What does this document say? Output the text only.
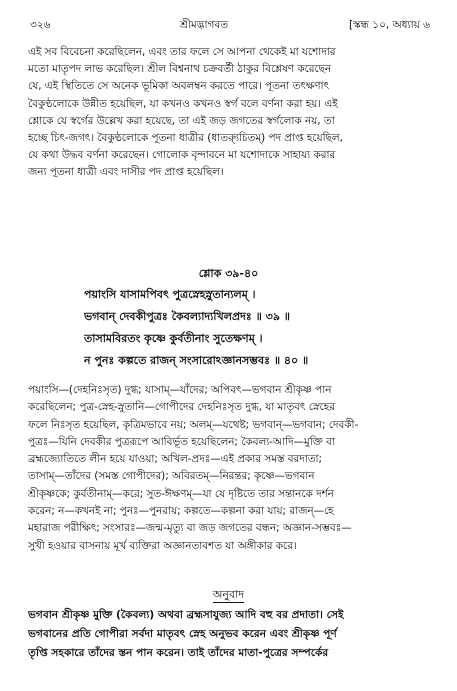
৩২৬	শ্রীমদ্ভাগবত	[স্কন্ধ ১০, অধ্যায় ৬
এই সব বিবেচনা করেছিলেন, এবং তার ফলে সে আপনা থেকেই মা যশোদার
মতো মাতৃপদ লাভ করেছিল। শ্রীল বিশ্বনাথ চক্রবর্তী ঠাকুর বিশ্লেষণ করেছেন
যে, এই স্থিতিতে সে অনেক ভূমিকা অবলম্বন করতে পারে। পূতনা তৎক্ষণাৎ
বৈকুণ্ঠলোকে উন্নীত হয়েছিল, যা কখনও কখনও স্বর্গ বলে বর্ণনা করা হয়। এই
শ্লোকে যে স্বর্গের উল্লেখ করা হয়েছে, তা এই জড় জগতের স্বর্গলোক নয়, তা
হচ্ছে চিৎ-জগৎ। বৈকুণ্ঠলোকে পূতনা ধাত্রীর (ধাত্র্যুচিতম্) পদ প্রাপ্ত হয়েছিল,
যে কথা উদ্ধব বর্ণনা করেছেন। গোলোক বৃন্দাবনে মা যশোদাকে সাহায্য করার
জন্য পূতনা ধাত্রী এবং দাসীর পদ প্রাপ্ত হয়েছিল।
শ্লোক ৩৯-৪০
পয়াংসি যাসামপিবৎ পুত্রস্নেহস্নুতান্যলম্ ।
ভগবান্ দেবকীপুত্রঃ কৈবল্যাদ্যখিলপ্রদঃ ॥ ৩৯ ॥
তাসামবিরতং কৃষ্ণে কুর্বতীনাং সুতেক্ষণম্ ।
ন পুনঃ কল্পতে রাজন্ সংসারোঽজ্ঞানসম্ভবঃ ॥ ৪০ ॥
পয়াংসি—(দেহনিঃসৃত) দুগ্ধ; যাসাম্—যাঁদের; অপিবৎ—ভগবান শ্রীকৃষ্ণ পান
করেছিলেন; পুত্র-স্নেহ-স্নুতানি—গোপীদের দেহনিঃসৃত দুগ্ধ, যা মাতৃবৎ স্নেহের
ফলে নিঃসৃত হয়েছিল, কৃত্রিমভাবে নয়; অলম্—যথেষ্ট; ভগবান্—ভগবান; দেবকী-
পুত্রঃ—যিনি দেবকীর পুত্ররূপে আবির্ভূত হয়েছিলেন; কৈবল্য-আদি—মুক্তি বা
ব্রহ্মজ্যোতিতে লীন হয়ে যাওয়া; অখিল-প্রদঃ—এই প্রকার সমস্ত বরদাতা;
তাসাম্—তাঁদের (সমস্ত গোপীদের); অবিরতম্—নিরন্তর; কৃষ্ণে—ভগবান
শ্রীকৃষ্ণকে; কুর্বতীনাম্—করে; সুত-ঈক্ষণম্—যা যে দৃষ্টিতে তার সন্তানকে দর্শন
করেন; ন—কখনই না; পুনঃ—পুনরায়; কল্পতে—কল্পনা করা যায়; রাজন্—হে
মহারাজ পরীক্ষিৎ; সংসারঃ—জন্ম-মৃত্যু বা জড় জগতের বন্ধন; অজ্ঞান-সম্ভবঃ—
সুখী হওয়ার বাসনায় মূর্খ ব্যক্তিরা অজ্ঞানতাবশত যা অঙ্গীকার করে।
অনুবাদ
ভগবান শ্রীকৃষ্ণ মুক্তি (কৈবল্য) অথবা ব্রহ্মসাযুজ্য আদি বহু বর প্রদাতা। সেই
ভগবানের প্রতি গোপীরা সর্বদা মাতৃবৎ স্নেহ অনুভব করেন এবং শ্রীকৃষ্ণ পূর্ণ
তৃপ্তি সহকারে তাঁদের স্তন পান করেন। তাই তাঁদের মাতা-পুত্রের সম্পর্কের
